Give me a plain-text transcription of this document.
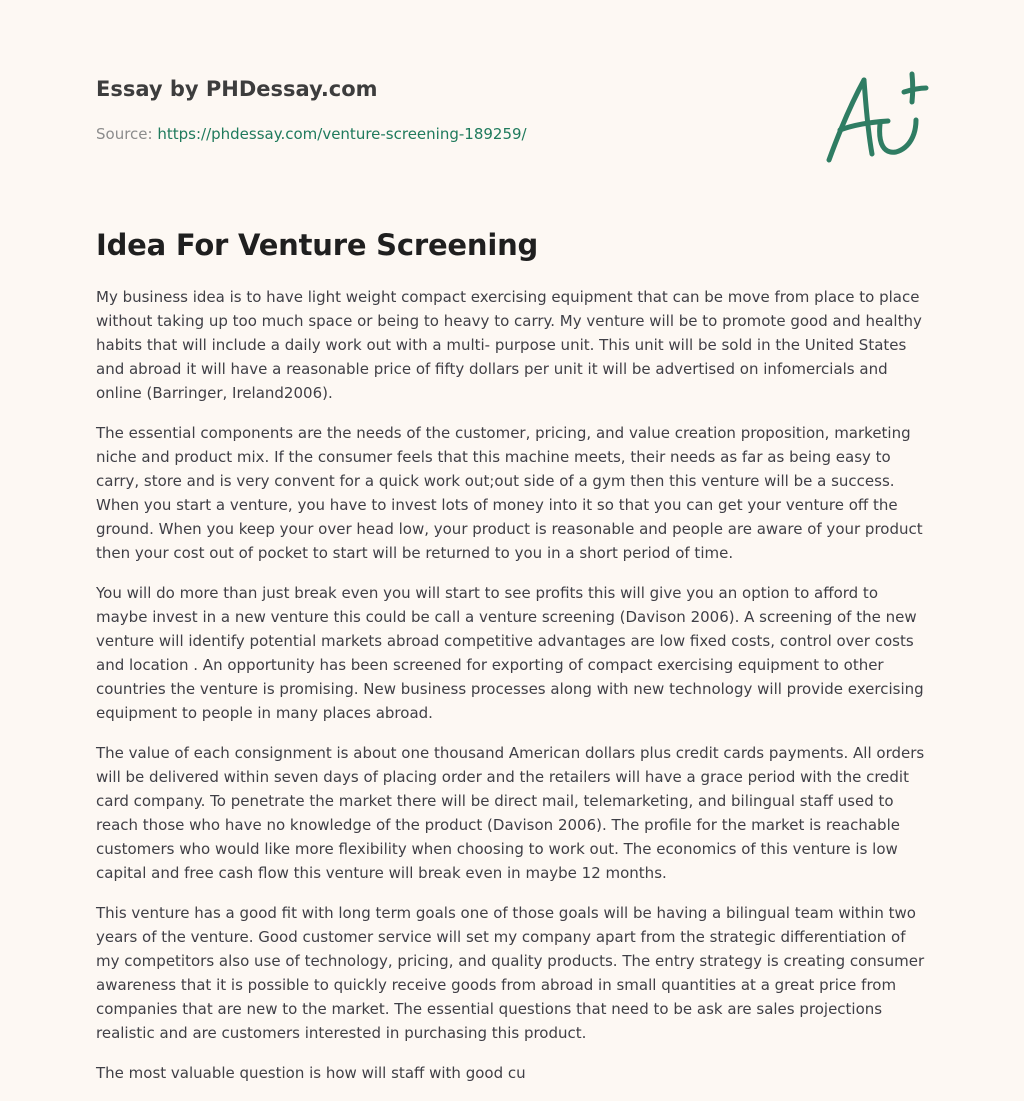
Essay by PHDessay.com
Source: https://phdessay.com/venture-screening-189259/
Idea For Venture Screening

My business idea is to have light weight compact exercising equipment that can be move from place to place without taking up too much space or being to heavy to carry. My venture will be to promote good and healthy habits that will include a daily work out with a multi- purpose unit. This unit will be sold in the United States and abroad it will have a reasonable price of fifty dollars per unit it will be advertised on infomercials and online (Barringer, Ireland2006).

The essential components are the needs of the customer, pricing, and value creation proposition, marketing niche and product mix. If the consumer feels that this machine meets, their needs as far as being easy to carry, store and is very convent for a quick work out;out side of a gym then this venture will be a success. When you start a venture, you have to invest lots of money into it so that you can get your venture off the ground. When you keep your over head low, your product is reasonable and people are aware of your product then your cost out of pocket to start will be returned to you in a short period of time.

You will do more than just break even you will start to see profits this will give you an option to afford to maybe invest in a new venture this could be call a venture screening (Davison 2006). A screening of the new venture will identify potential markets abroad competitive advantages are low fixed costs, control over costs and location . An opportunity has been screened for exporting of compact exercising equipment to other countries the venture is promising. New business processes along with new technology will provide exercising equipment to people in many places abroad.

The value of each consignment is about one thousand American dollars plus credit cards payments. All orders will be delivered within seven days of placing order and the retailers will have a grace period with the credit card company. To penetrate the market there will be direct mail, telemarketing, and bilingual staff used to reach those who have no knowledge of the product (Davison 2006). The profile for the market is reachable customers who would like more flexibility when choosing to work out. The economics of this venture is low capital and free cash flow this venture will break even in maybe 12 months.

This venture has a good fit with long term goals one of those goals will be having a bilingual team within two years of the venture. Good customer service will set my company apart from the strategic differentiation of my competitors also use of technology, pricing, and quality products. The entry strategy is creating consumer awareness that it is possible to quickly receive goods from abroad in small quantities at a great price from companies that are new to the market. The essential questions that need to be ask are sales projections realistic and are customers interested in purchasing this product.

The most valuable question is how will staff with good cu
